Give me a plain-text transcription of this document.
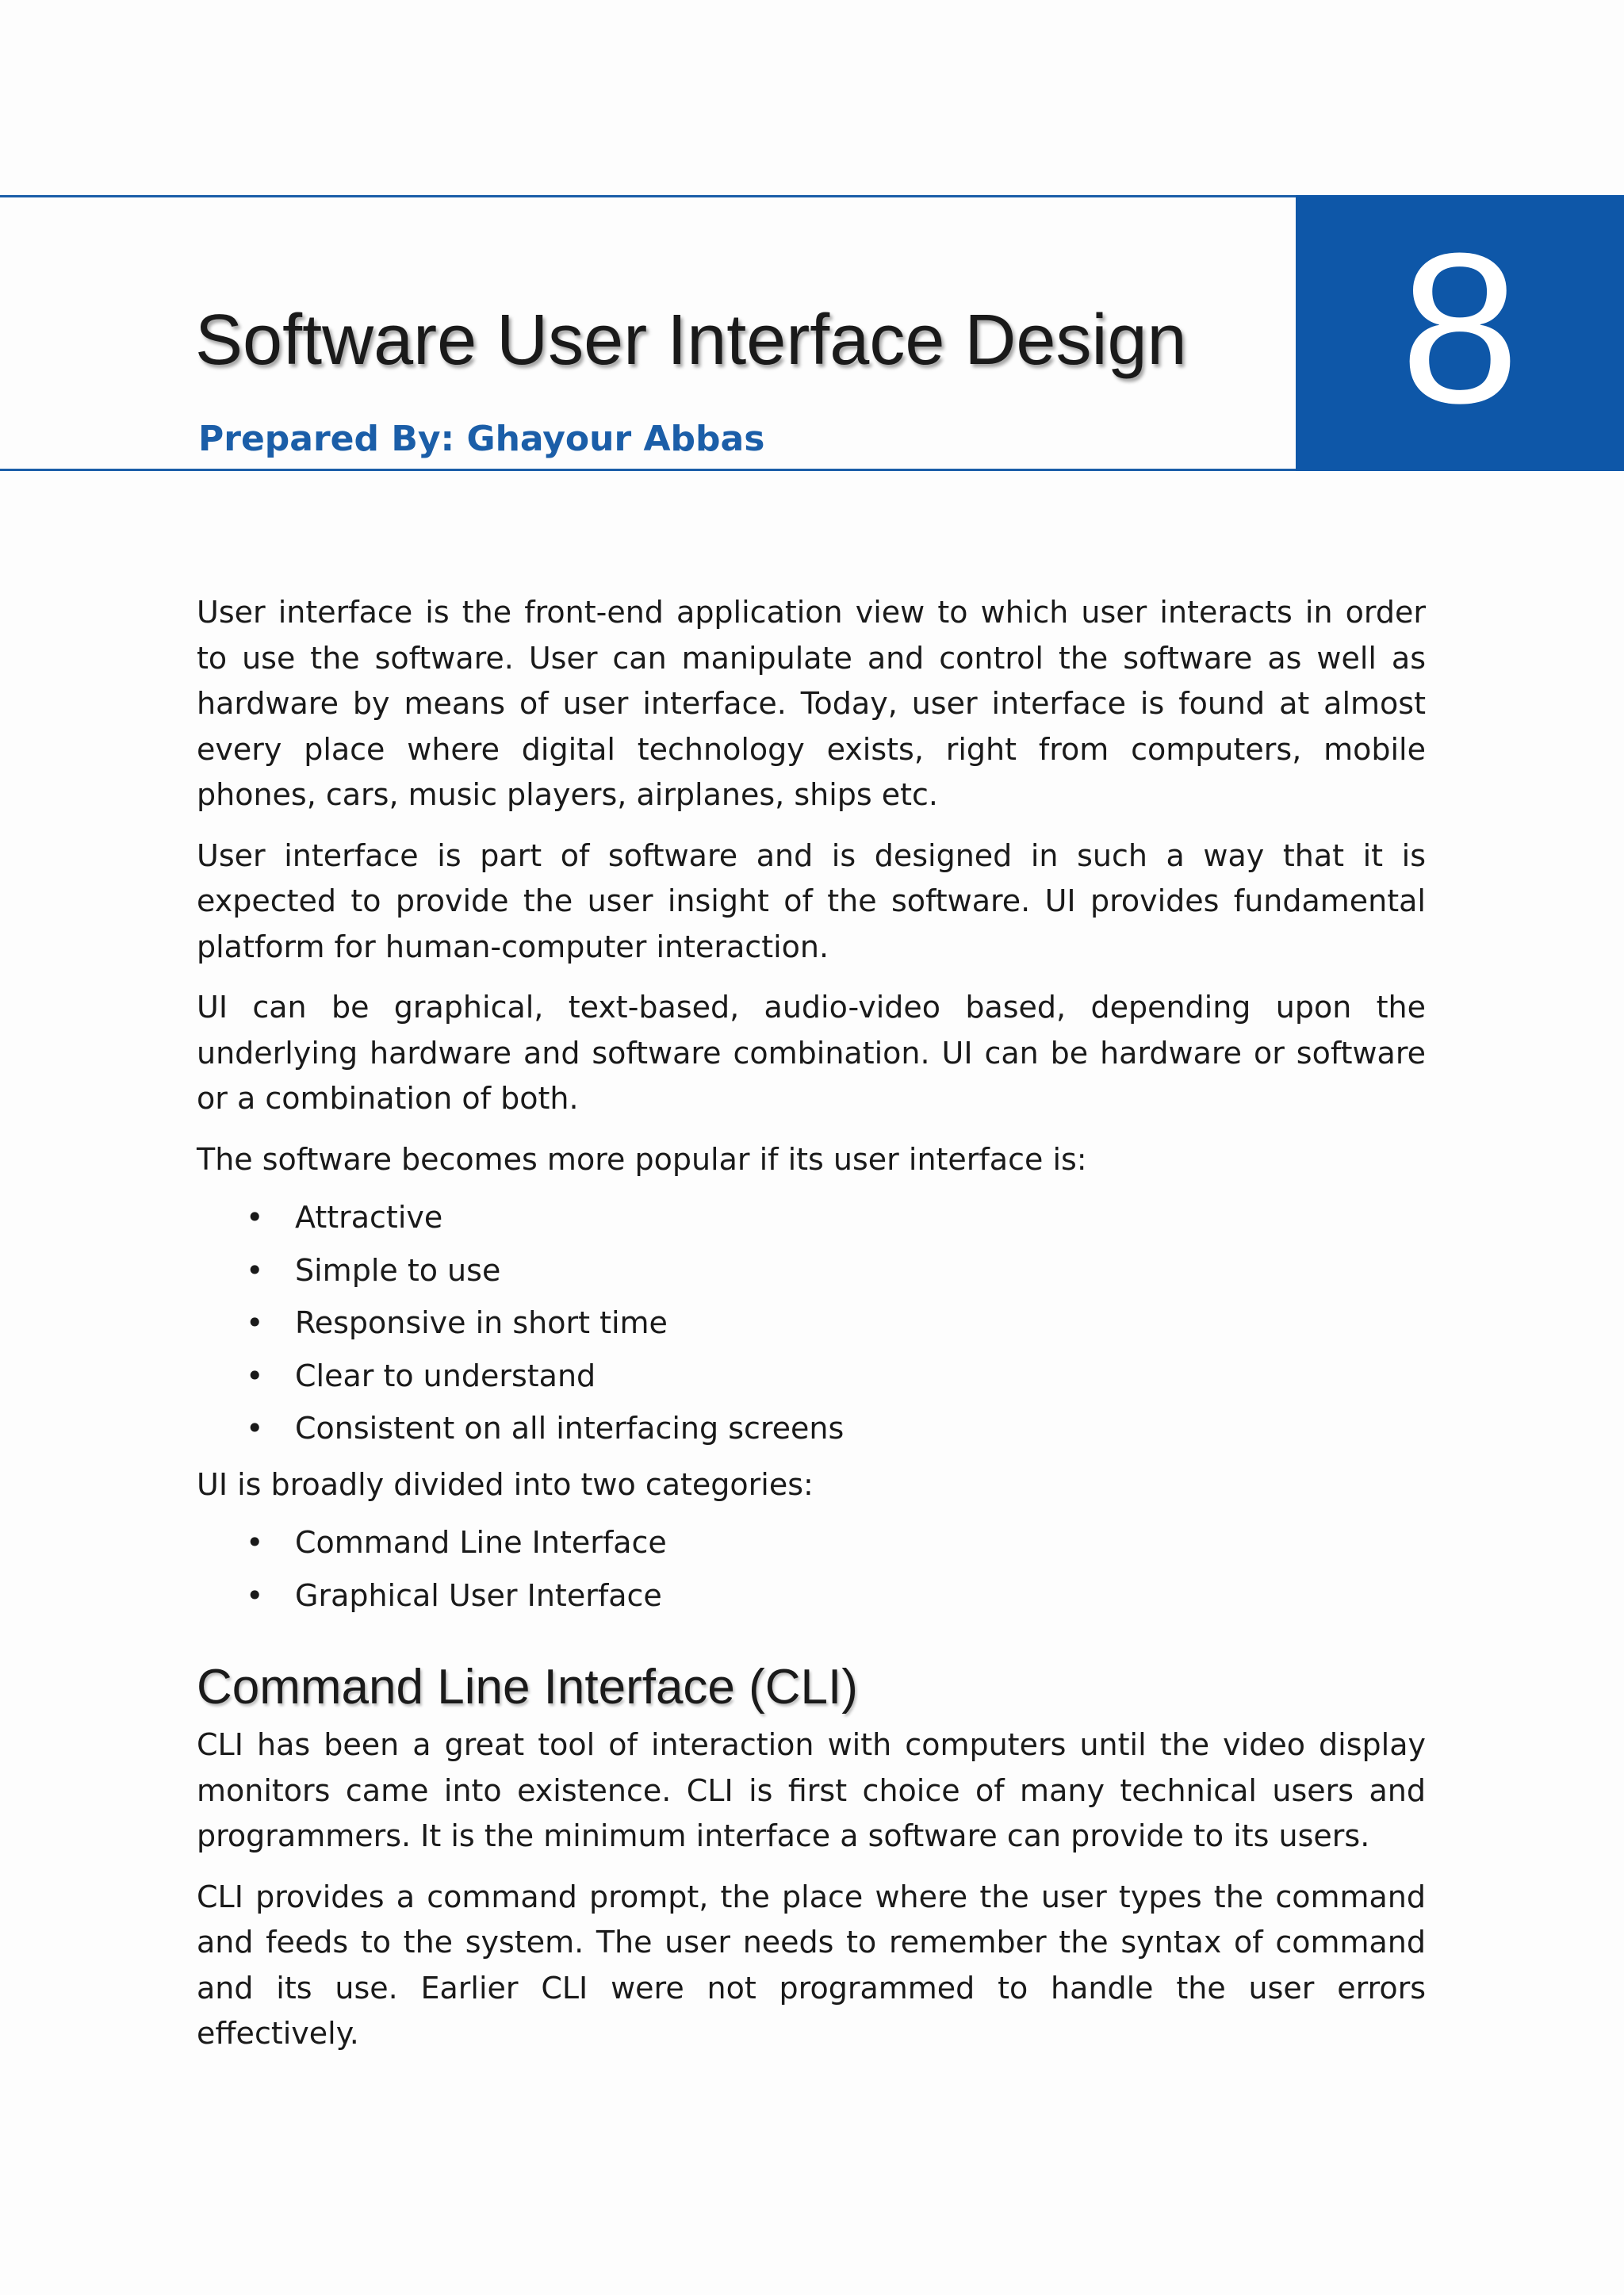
8
Software User Interface Design
Prepared By: Ghayour Abbas

User interface is the front-end application view to which user interacts in order to use the software. User can manipulate and control the software as well as hardware by means of user interface. Today, user interface is found at almost every place where digital technology exists, right from computers, mobile phones, cars, music players, airplanes, ships etc.

User interface is part of software and is designed in such a way that it is expected to provide the user insight of the software. UI provides fundamental platform for human-computer interaction.

UI can be graphical, text-based, audio-video based, depending upon the underlying hardware and software combination. UI can be hardware or software or a combination of both.

The software becomes more popular if its user interface is:

• Attractive
• Simple to use
• Responsive in short time
• Clear to understand
• Consistent on all interfacing screens

UI is broadly divided into two categories:

• Command Line Interface
• Graphical User Interface
Command Line Interface (CLI)

CLI has been a great tool of interaction with computers until the video display monitors came into existence. CLI is first choice of many technical users and programmers. It is the minimum interface a software can provide to its users.

CLI provides a command prompt, the place where the user types the command and feeds to the system. The user needs to remember the syntax of command and its use. Earlier CLI were not programmed to handle the user errors effectively.
